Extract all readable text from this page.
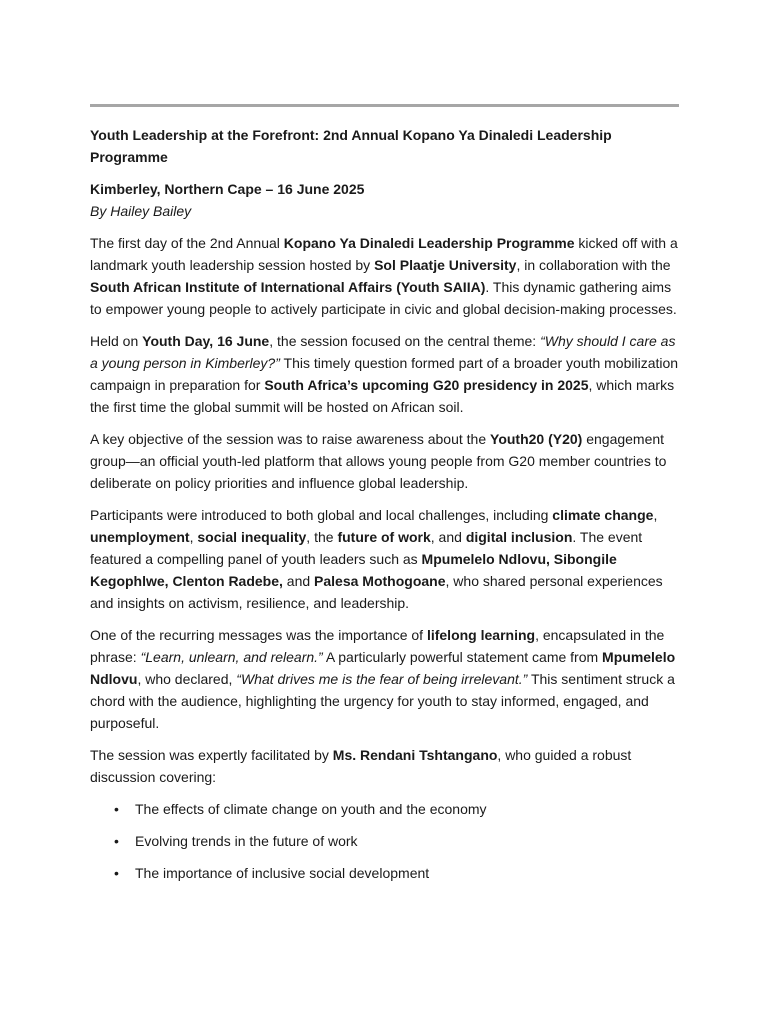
Youth Leadership at the Forefront: 2nd Annual Kopano Ya Dinaledi Leadership Programme

Kimberley, Northern Cape – 16 June 2025

By Hailey Bailey

The first day of the 2nd Annual Kopano Ya Dinaledi Leadership Programme kicked off with a landmark youth leadership session hosted by Sol Plaatje University, in collaboration with the South African Institute of International Affairs (Youth SAIIA). This dynamic gathering aims to empower young people to actively participate in civic and global decision-making processes.

Held on Youth Day, 16 June, the session focused on the central theme: “Why should I care as a young person in Kimberley?” This timely question formed part of a broader youth mobilization campaign in preparation for South Africa’s upcoming G20 presidency in 2025, which marks the first time the global summit will be hosted on African soil.

A key objective of the session was to raise awareness about the Youth20 (Y20) engagement group—an official youth-led platform that allows young people from G20 member countries to deliberate on policy priorities and influence global leadership.

Participants were introduced to both global and local challenges, including climate change, unemployment, social inequality, the future of work, and digital inclusion. The event featured a compelling panel of youth leaders such as Mpumelelo Ndlovu, Sibongile Kegophlwe, Clenton Radebe, and Palesa Mothogoane, who shared personal experiences and insights on activism, resilience, and leadership.

One of the recurring messages was the importance of lifelong learning, encapsulated in the phrase: “Learn, unlearn, and relearn.” A particularly powerful statement came from Mpumelelo Ndlovu, who declared, “What drives me is the fear of being irrelevant.” This sentiment struck a chord with the audience, highlighting the urgency for youth to stay informed, engaged, and purposeful.

The session was expertly facilitated by Ms. Rendani Tshtangano, who guided a robust discussion covering:

• The effects of climate change on youth and the economy
• Evolving trends in the future of work
• The importance of inclusive social development
